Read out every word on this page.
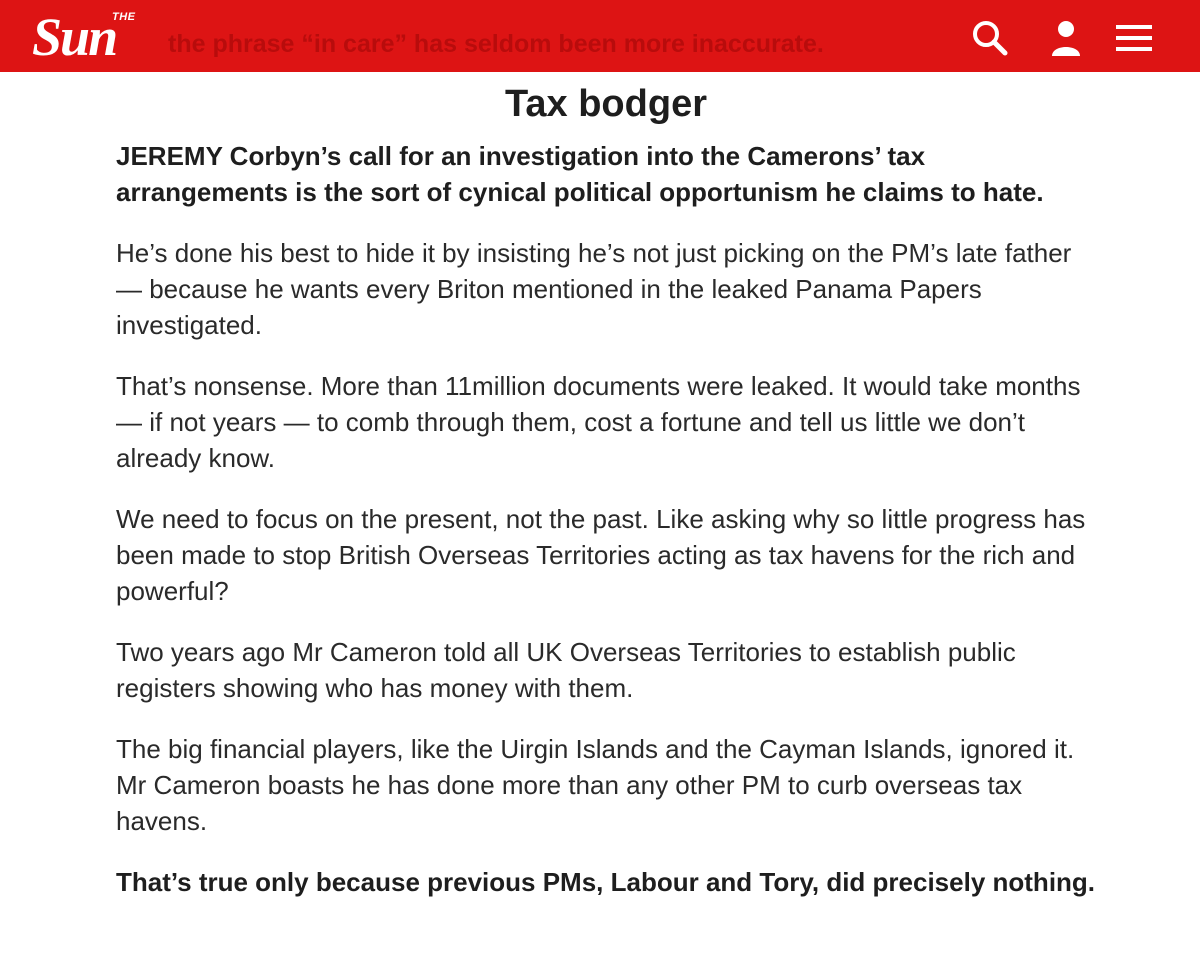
the phrase “in care” has seldom been more inaccurate.
THE
Sun
Tax bodger

JEREMY Corbyn’s call for an investigation into the Camerons’ tax arrangements is the sort of cynical political opportunism he claims to hate.

He’s done his best to hide it by insisting he’s not just picking on the PM’s late father — because he wants every Briton mentioned in the leaked Panama Papers investigated.

That’s nonsense. More than 11million documents were leaked. It would take months — if not years — to comb through them, cost a fortune and tell us little we don’t already know.

We need to focus on the present, not the past. Like asking why so little progress has been made to stop British Overseas Territories acting as tax havens for the rich and powerful?

Two years ago Mr Cameron told all UK Overseas Territories to establish public registers showing who has money with them.

The big financial players, like the Uirgin Islands and the Cayman Islands, ignored it. Mr Cameron boasts he has done more than any other PM to curb overseas tax havens.

That’s true only because previous PMs, Labour and Tory, did precisely nothing.
